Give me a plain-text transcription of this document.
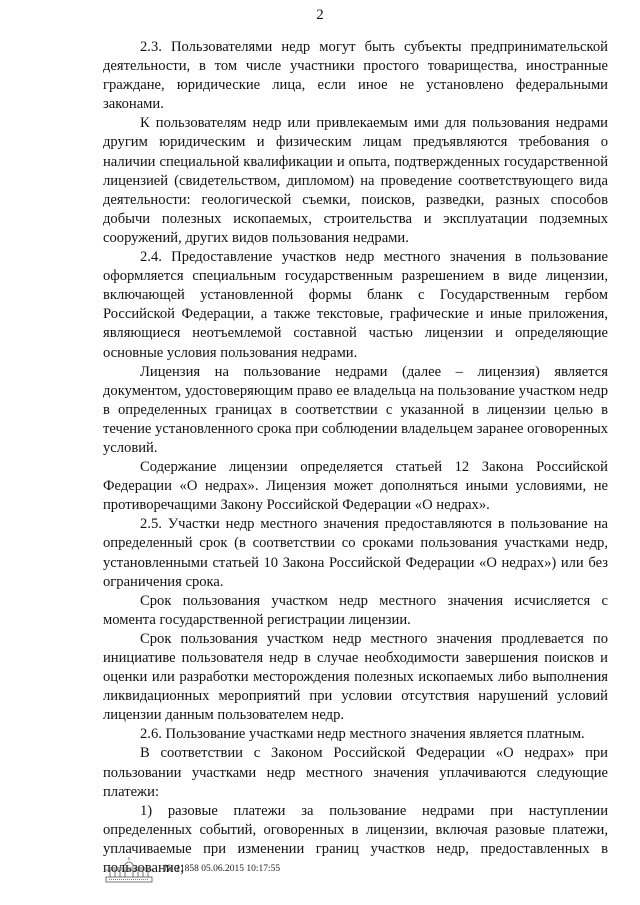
2

2.3. Пользователями недр могут быть субъекты предпринимательской деятельности, в том числе участники простого товарищества, иностранные граждане, юридические лица, если иное не установлено федеральными законами.

К пользователям недр или привлекаемым ими для пользования недрами другим юридическим и физическим лицам предъявляются требования о наличии специальной квалификации и опыта, подтвержденных государственной лицензией (свидетельством, дипломом) на проведение соответствующего вида деятельности: геологической съемки, поисков, разведки, разных способов добычи полезных ископаемых, строительства и эксплуатации подземных сооружений, других видов пользования недрами.

2.4. Предоставление участков недр местного значения в пользование оформляется специальным государственным разрешением в виде лицензии, включающей установленной формы бланк с Государственным гербом Российской Федерации, а также текстовые, графические и иные приложения, являющиеся неотъемлемой составной частью лицензии и определяющие основные условия пользования недрами.

Лицензия на пользование недрами (далее – лицензия) является документом, удостоверяющим право ее владельца на пользование участком недр в определенных границах в соответствии с указанной в лицензии целью в течение установленного срока при соблюдении владельцем заранее оговоренных условий.

Содержание лицензии определяется статьей 12 Закона Российской Федерации «О недрах». Лицензия может дополняться иными условиями, не противоречащими Закону Российской Федерации «О недрах».

2.5. Участки недр местного значения предоставляются в пользование на определенный срок (в соответствии со сроками пользования участками недр, установленными статьей 10 Закона Российской Федерации «О недрах») или без ограничения срока.

Срок пользования участком недр местного значения исчисляется с момента государственной регистрации лицензии.

Срок пользования участком недр местного значения продлевается по инициативе пользователя недр в случае необходимости завершения поисков и оценки или разработки месторождения полезных ископаемых либо выполнения ликвидационных мероприятий при условии отсутствия нарушений условий лицензии данным пользователем недр.

2.6. Пользование участками недр местного значения является платным.

В соответствии с Законом Российской Федерации «О недрах» при пользовании участками недр местного значения уплачиваются следующие платежи:

1) разовые платежи за пользование недрами при наступлении определенных событий, оговоренных в лицензии, включая разовые платежи, уплачиваемые при изменении границ участков недр, предоставленных в пользование;

№ 11858 05.06.2015 10:17:55
